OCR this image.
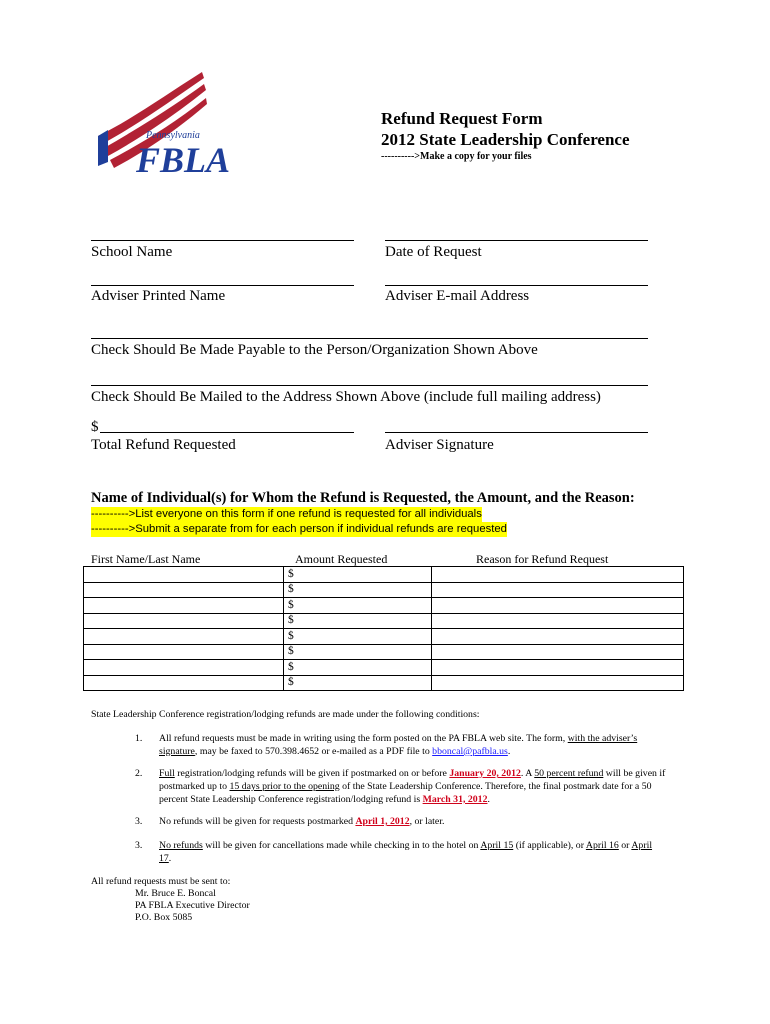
Pennsylvania
FBLA
Refund Request Form
2012 State Leadership Conference
---------->Make a copy for your files
School Name	Date of Request
Adviser Printed Name	Adviser E-mail Address
Check Should Be Made Payable to the Person/Organization Shown Above
Check Should Be Mailed to the Address Shown Above (include full mailing address)
$
Total Refund Requested	Adviser Signature
Name of Individual(s) for Whom the Refund is Requested, the Amount, and the Reason:
---------->List everyone on this form if one refund is requested for all individuals
---------->Submit a separate from for each person if individual refunds are requested
First Name/Last Name	Amount Requested	Reason for Refund Request
	$	
	$	
	$	
	$	
	$	
	$	
	$	
	$	
State Leadership Conference registration/lodging refunds are made under the following conditions:
1. All refund requests must be made in writing using the form posted on the PA FBLA web site. The form, with the adviser’s signature, may be faxed to 570.398.4652 or e-mailed as a PDF file to bboncal@pafbla.us.
2. Full registration/lodging refunds will be given if postmarked on or before January 20, 2012. A 50 percent refund will be given if postmarked up to 15 days prior to the opening of the State Leadership Conference. Therefore, the final postmark date for a 50 percent State Leadership Conference registration/lodging refund is March 31, 2012.
3. No refunds will be given for requests postmarked April 1, 2012, or later.
3. No refunds will be given for cancellations made while checking in to the hotel on April 15 (if applicable), or April 16 or April 17.
All refund requests must be sent to:
Mr. Bruce E. Boncal
PA FBLA Executive Director
P.O. Box 5085
